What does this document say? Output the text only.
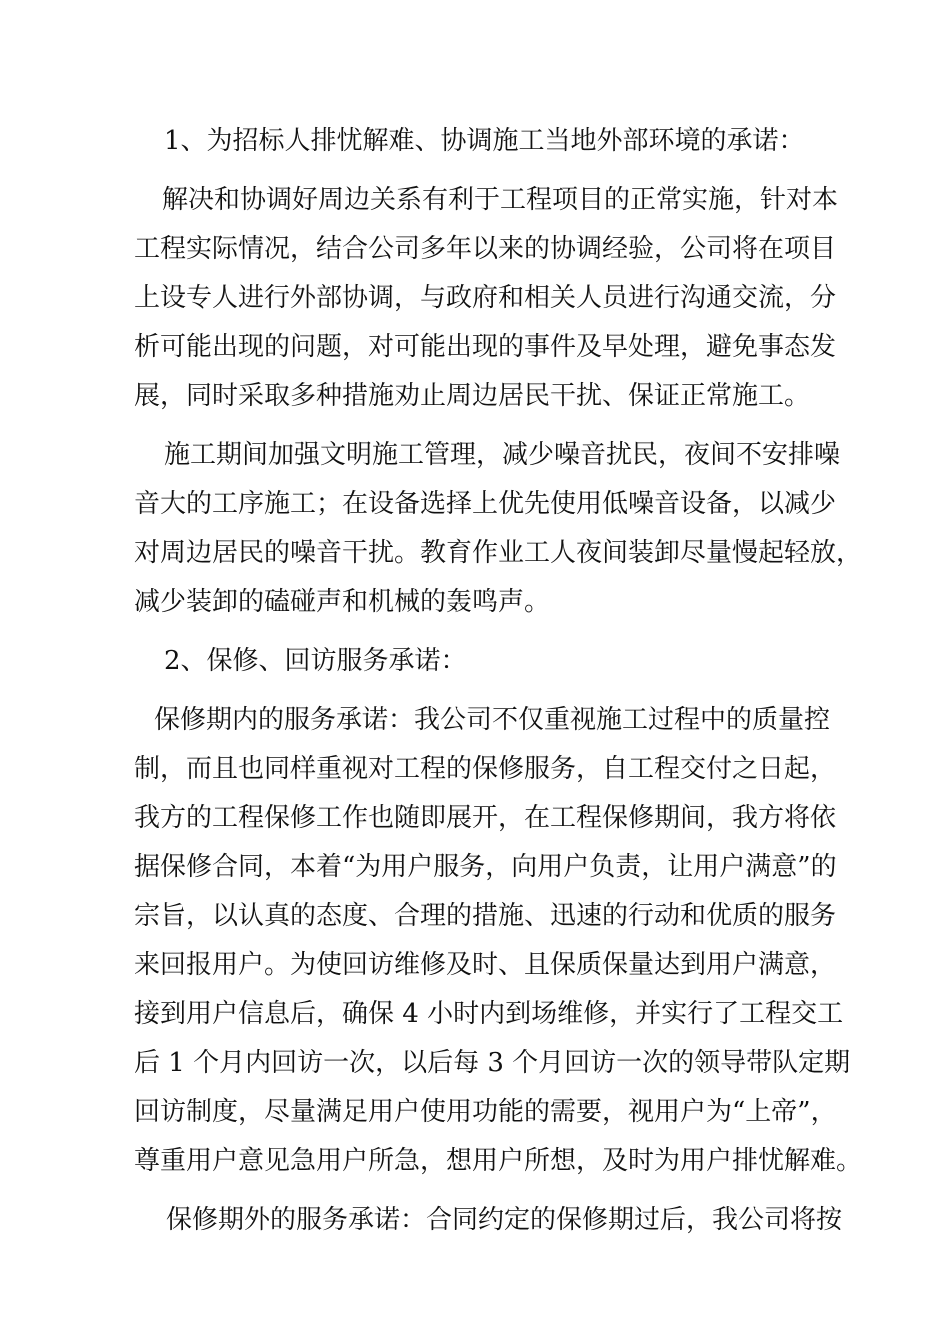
1、为招标人排忧解难、协调施工当地外部环境的承诺：
解决和协调好周边关系有利于工程项目的正常实施，针对本
工程实际情况，结合公司多年以来的协调经验，公司将在项目
上设专人进行外部协调，与政府和相关人员进行沟通交流，分
析可能出现的问题，对可能出现的事件及早处理，避免事态发
展，同时采取多种措施劝止周边居民干扰、保证正常施工。
施工期间加强文明施工管理，减少噪音扰民，夜间不安排噪
音大的工序施工；在设备选择上优先使用低噪音设备，以减少
对周边居民的噪音干扰。教育作业工人夜间装卸尽量慢起轻放，
减少装卸的磕碰声和机械的轰鸣声。
2、保修、回访服务承诺：
保修期内的服务承诺：我公司不仅重视施工过程中的质量控
制，而且也同样重视对工程的保修服务，自工程交付之日起，
我方的工程保修工作也随即展开，在工程保修期间，我方将依
据保修合同，本着“为用户服务，向用户负责，让用户满意”的
宗旨，以认真的态度、合理的措施、迅速的行动和优质的服务
来回报用户。为使回访维修及时、且保质保量达到用户满意，
接到用户信息后，确保 4 小时内到场维修，并实行了工程交工
后 1 个月内回访一次，以后每 3 个月回访一次的领导带队定期
回访制度，尽量满足用户使用功能的需要，视用户为“上帝”，
尊重用户意见急用户所急，想用户所想，及时为用户排忧解难。
保修期外的服务承诺：合同约定的保修期过后，我公司将按
